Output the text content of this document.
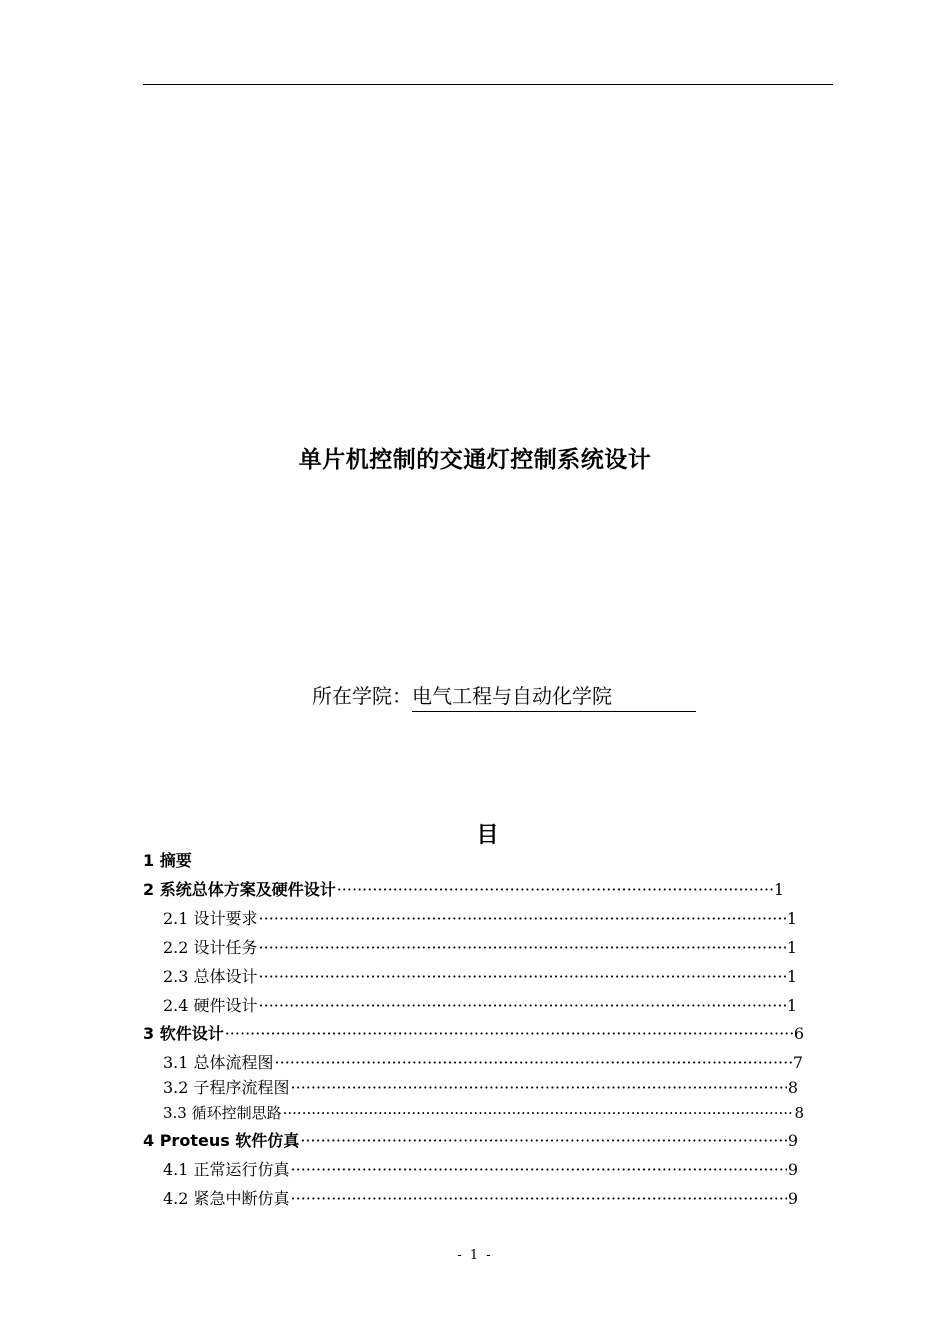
单片机控制的交通灯控制系统设计
所在学院：电气工程与自动化学院
目
1 摘要
2 系统总体方案及硬件设计 ·····	1
2.1 设计要求 ·····	1
2.2 设计任务 ·····	1
2.3 总体设计 ·····	1
2.4 硬件设计 ·····	1
3 软件设计 ·····	6
3.1 总体流程图 ·····	7
3.2 子程序流程图 ·····	8
3.3 循环控制思路 ·····	8
4 Proteus 软件仿真 ·····	9
4.1 正常运行仿真 ·····	9
4.2 紧急中断仿真 ·····	9
- 1 -
